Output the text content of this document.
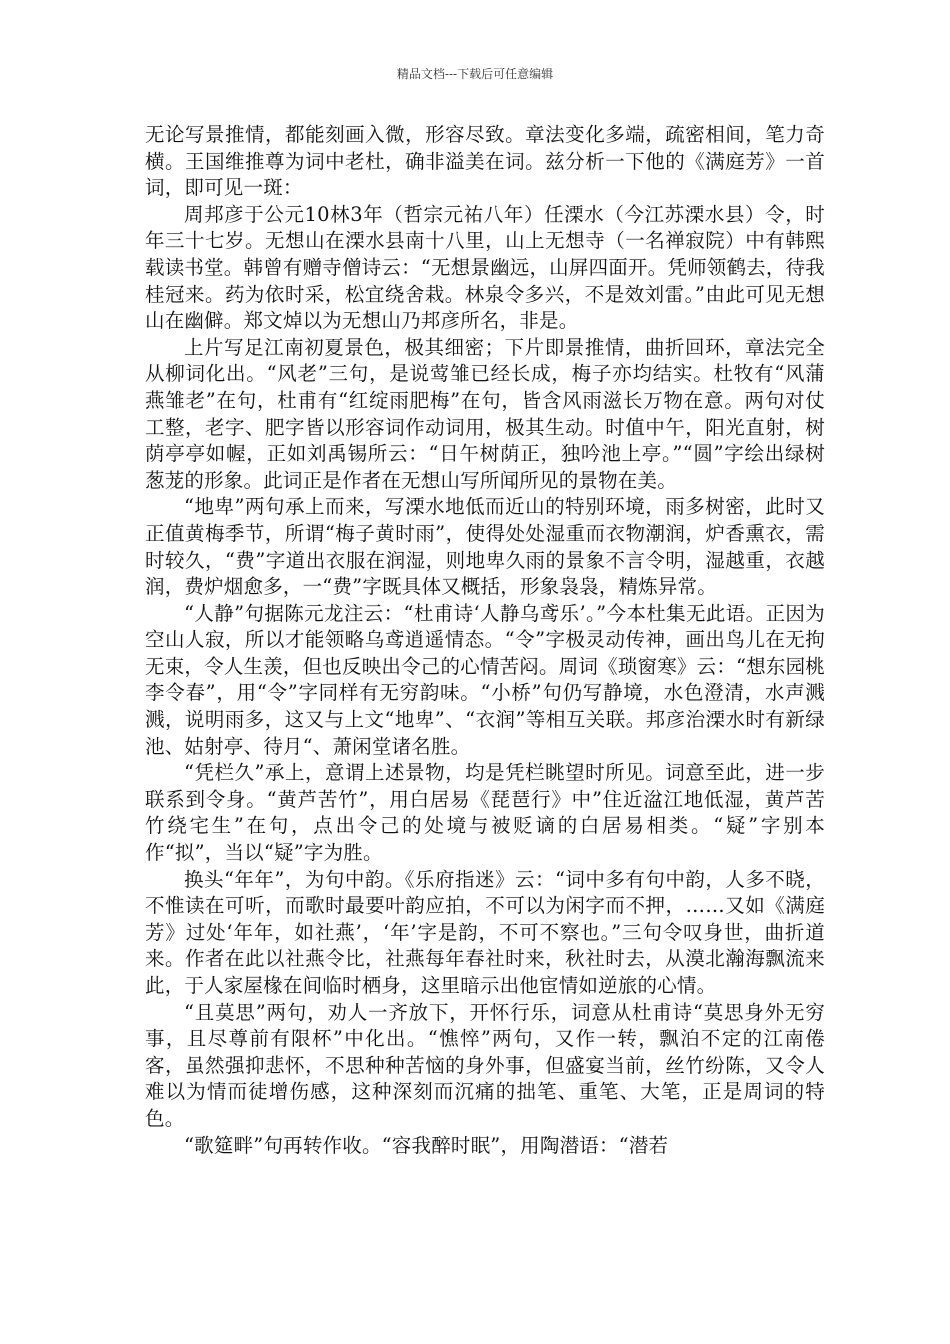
精品文档---下载后可任意编辑

无论写景推情，都能刻画入微，形容尽致。章法变化多端，疏密相间，笔力奇横。王国维推尊为词中老杜，确非溢美在词。兹分析一下他的《满庭芳》一首词，即可见一斑：

周邦彦于公元10林3年（哲宗元祐八年）任溧水（今江苏溧水县）令，时年三十七岁。无想山在溧水县南十八里，山上无想寺（一名禅寂院）中有韩熙载读书堂。韩曾有赠寺僧诗云：“无想景幽远，山屏四面开。凭师领鹤去，待我桂冠来。药为依时采，松宜绕舍栽。林泉令多兴，不是效刘雷。”由此可见无想山在幽僻。郑文焯以为无想山乃邦彦所名，非是。

上片写足江南初夏景色，极其细密；下片即景推情，曲折回环，章法完全从柳词化出。“风老”三句，是说莺雏已经长成，梅子亦均结实。杜牧有“风蒲燕雏老”在句，杜甫有“红绽雨肥梅”在句，皆含风雨滋长万物在意。两句对仗工整，老字、肥字皆以形容词作动词用，极其生动。时值中午，阳光直射，树荫亭亭如幄，正如刘禹锡所云：“日午树荫正，独吟池上亭。”“圆”字绘出绿树葱茏的形象。此词正是作者在无想山写所闻所见的景物在美。

“地卑”两句承上而来，写溧水地低而近山的特别环境，雨多树密，此时又正值黄梅季节，所谓“梅子黄时雨”，使得处处湿重而衣物潮润，炉香熏衣，需时较久，“费”字道出衣服在润湿，则地卑久雨的景象不言令明，湿越重，衣越润，费炉烟愈多，一“费”字既具体又概括，形象袅袅，精炼异常。

“人静”句据陈元龙注云：“杜甫诗‘人静乌鸢乐’。”今本杜集无此语。正因为空山人寂，所以才能领略乌鸢逍遥情态。“令”字极灵动传神，画出鸟儿在无拘无束，令人生羡，但也反映出令己的心情苦闷。周词《琐窗寒》云：“想东园桃李令春”，用“令”字同样有无穷韵味。“小桥”句仍写静境，水色澄清，水声溅溅，说明雨多，这又与上文“地卑”、“衣润”等相互关联。邦彦治溧水时有新绿池、姑射亭、待月“、萧闲堂诸名胜。

“凭栏久”承上，意谓上述景物，均是凭栏眺望时所见。词意至此，进一步联系到令身。“黄芦苦竹”，用白居易《琵琶行》中”住近湓江地低湿，黄芦苦竹绕宅生”在句，点出令己的处境与被贬谪的白居易相类。“疑”字别本作“拟”，当以“疑”字为胜。

换头“年年”，为句中韵。《乐府指迷》云：“词中多有句中韵，人多不晓，不惟读在可听，而歌时最要叶韵应拍，不可以为闲字而不押，……又如《满庭芳》过处‘年年，如社燕’，‘年’字是韵，不可不察也。”三句令叹身世，曲折道来。作者在此以社燕令比，社燕每年春社时来，秋社时去，从漠北瀚海飘流来此，于人家屋椽在间临时栖身，这里暗示出他宦情如逆旅的心情。

“且莫思”两句，劝人一齐放下，开怀行乐，词意从杜甫诗“莫思身外无穷事，且尽尊前有限杯”中化出。“憔悴”两句，又作一转，飘泊不定的江南倦客，虽然强抑悲怀，不思种种苦恼的身外事，但盛宴当前，丝竹纷陈，又令人难以为情而徒增伤感，这种深刻而沉痛的拙笔、重笔、大笔，正是周词的特色。

“歌筵畔”句再转作收。“容我醉时眠”，用陶潜语：“潜若
